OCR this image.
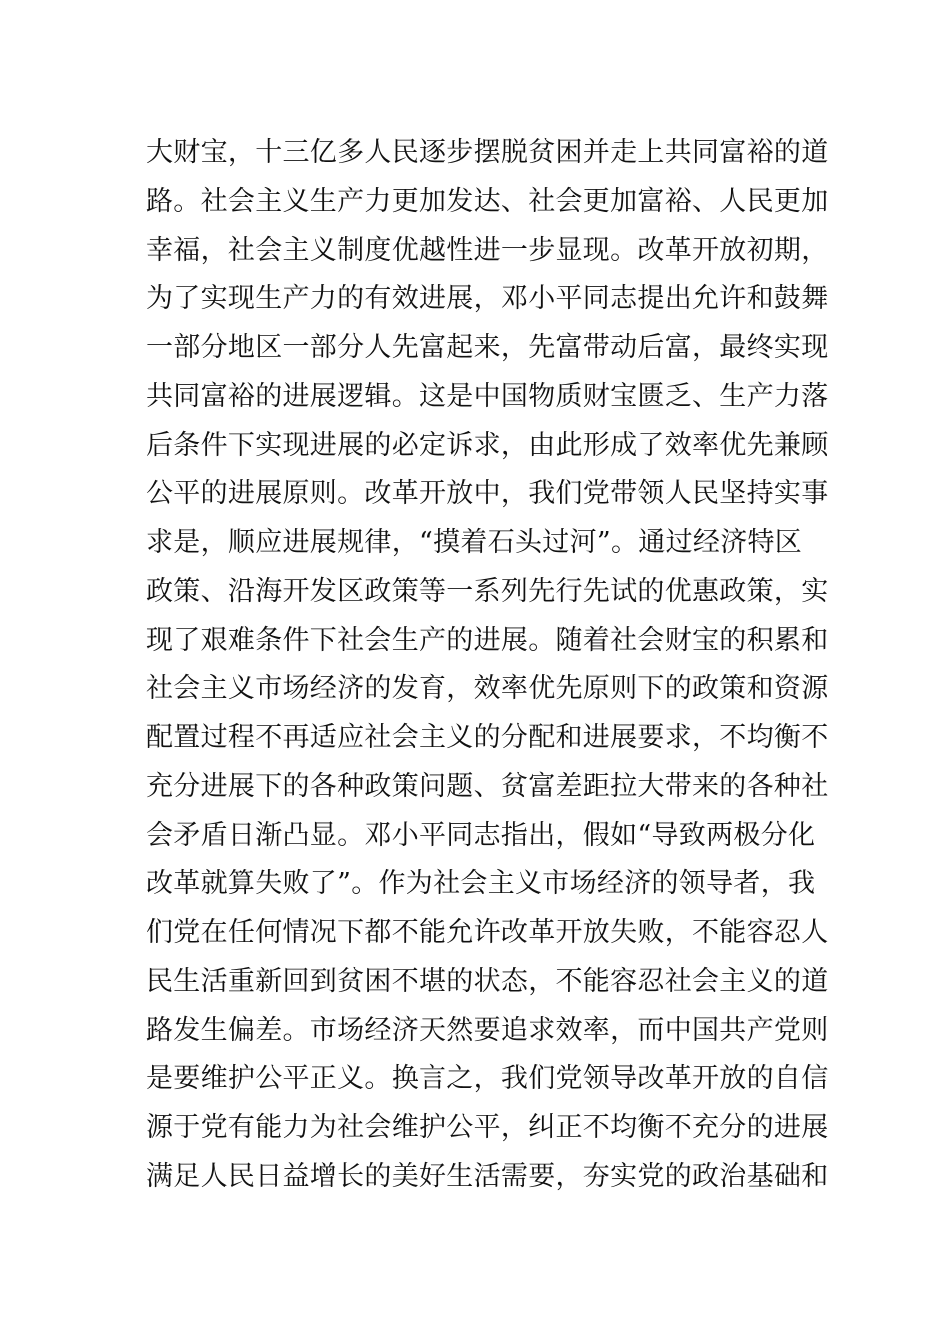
大财宝，十三亿多人民逐步摆脱贫困并走上共同富裕的道
路。社会主义生产力更加发达、社会更加富裕、人民更加
幸福，社会主义制度优越性进一步显现。改革开放初期，
为了实现生产力的有效进展，邓小平同志提出允许和鼓舞
一部分地区一部分人先富起来，先富带动后富，最终实现
共同富裕的进展逻辑。这是中国物质财宝匮乏、生产力落
后条件下实现进展的必定诉求，由此形成了效率优先兼顾
公平的进展原则。改革开放中，我们党带领人民坚持实事
求是，顺应进展规律，“摸着石头过河”。通过经济特区
政策、沿海开发区政策等一系列先行先试的优惠政策，实
现了艰难条件下社会生产的进展。随着社会财宝的积累和
社会主义市场经济的发育，效率优先原则下的政策和资源
配置过程不再适应社会主义的分配和进展要求，不均衡不
充分进展下的各种政策问题、贫富差距拉大带来的各种社
会矛盾日渐凸显。邓小平同志指出，假如“导致两极分化
改革就算失败了”。作为社会主义市场经济的领导者，我
们党在任何情况下都不能允许改革开放失败，不能容忍人
民生活重新回到贫困不堪的状态，不能容忍社会主义的道
路发生偏差。市场经济天然要追求效率，而中国共产党则
是要维护公平正义。换言之，我们党领导改革开放的自信
源于党有能力为社会维护公平，纠正不均衡不充分的进展
满足人民日益增长的美好生活需要，夯实党的政治基础和
